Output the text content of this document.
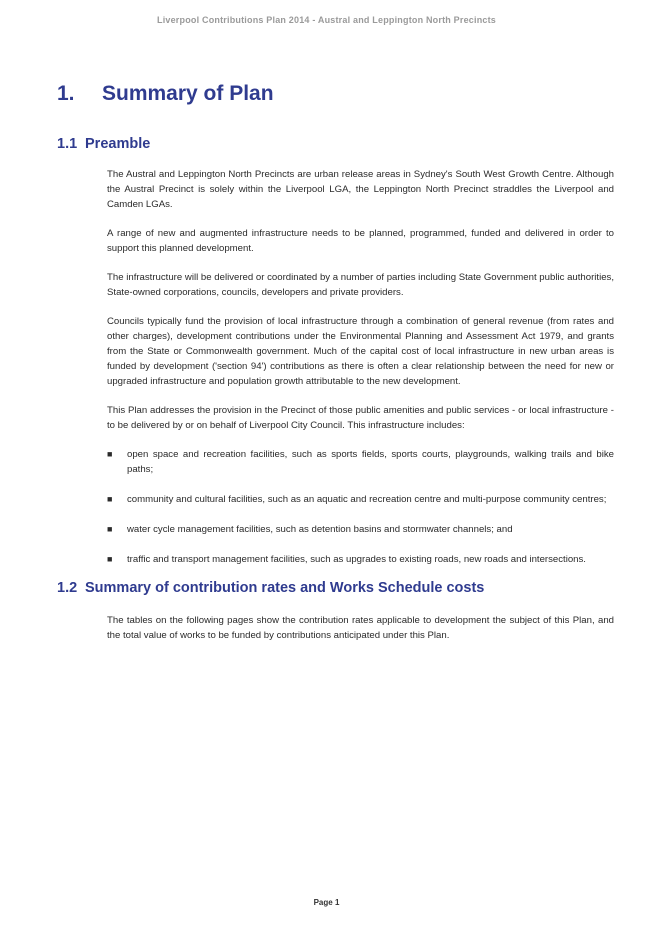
Liverpool Contributions Plan 2014 - Austral and Leppington North Precincts
1. Summary of Plan
1.1 Preamble

The Austral and Leppington North Precincts are urban release areas in Sydney's South West Growth Centre. Although the Austral Precinct is solely within the Liverpool LGA, the Leppington North Precinct straddles the Liverpool and Camden LGAs.

A range of new and augmented infrastructure needs to be planned, programmed, funded and delivered in order to support this planned development.

The infrastructure will be delivered or coordinated by a number of parties including State Government public authorities, State-owned corporations, councils, developers and private providers.

Councils typically fund the provision of local infrastructure through a combination of general revenue (from rates and other charges), development contributions under the Environmental Planning and Assessment Act 1979, and grants from the State or Commonwealth government. Much of the capital cost of local infrastructure in new urban areas is funded by development ('section 94') contributions as there is often a clear relationship between the need for new or upgraded infrastructure and population growth attributable to the new development.

This Plan addresses the provision in the Precinct of those public amenities and public services - or local infrastructure - to be delivered by or on behalf of Liverpool City Council. This infrastructure includes:

■ open space and recreation facilities, such as sports fields, sports courts, playgrounds, walking trails and bike paths;
■ community and cultural facilities, such as an aquatic and recreation centre and multi-purpose community centres;
■ water cycle management facilities, such as detention basins and stormwater channels; and
■ traffic and transport management facilities, such as upgrades to existing roads, new roads and intersections.
1.2 Summary of contribution rates and Works Schedule costs

The tables on the following pages show the contribution rates applicable to development the subject of this Plan, and the total value of works to be funded by contributions anticipated under this Plan.

Page 1
